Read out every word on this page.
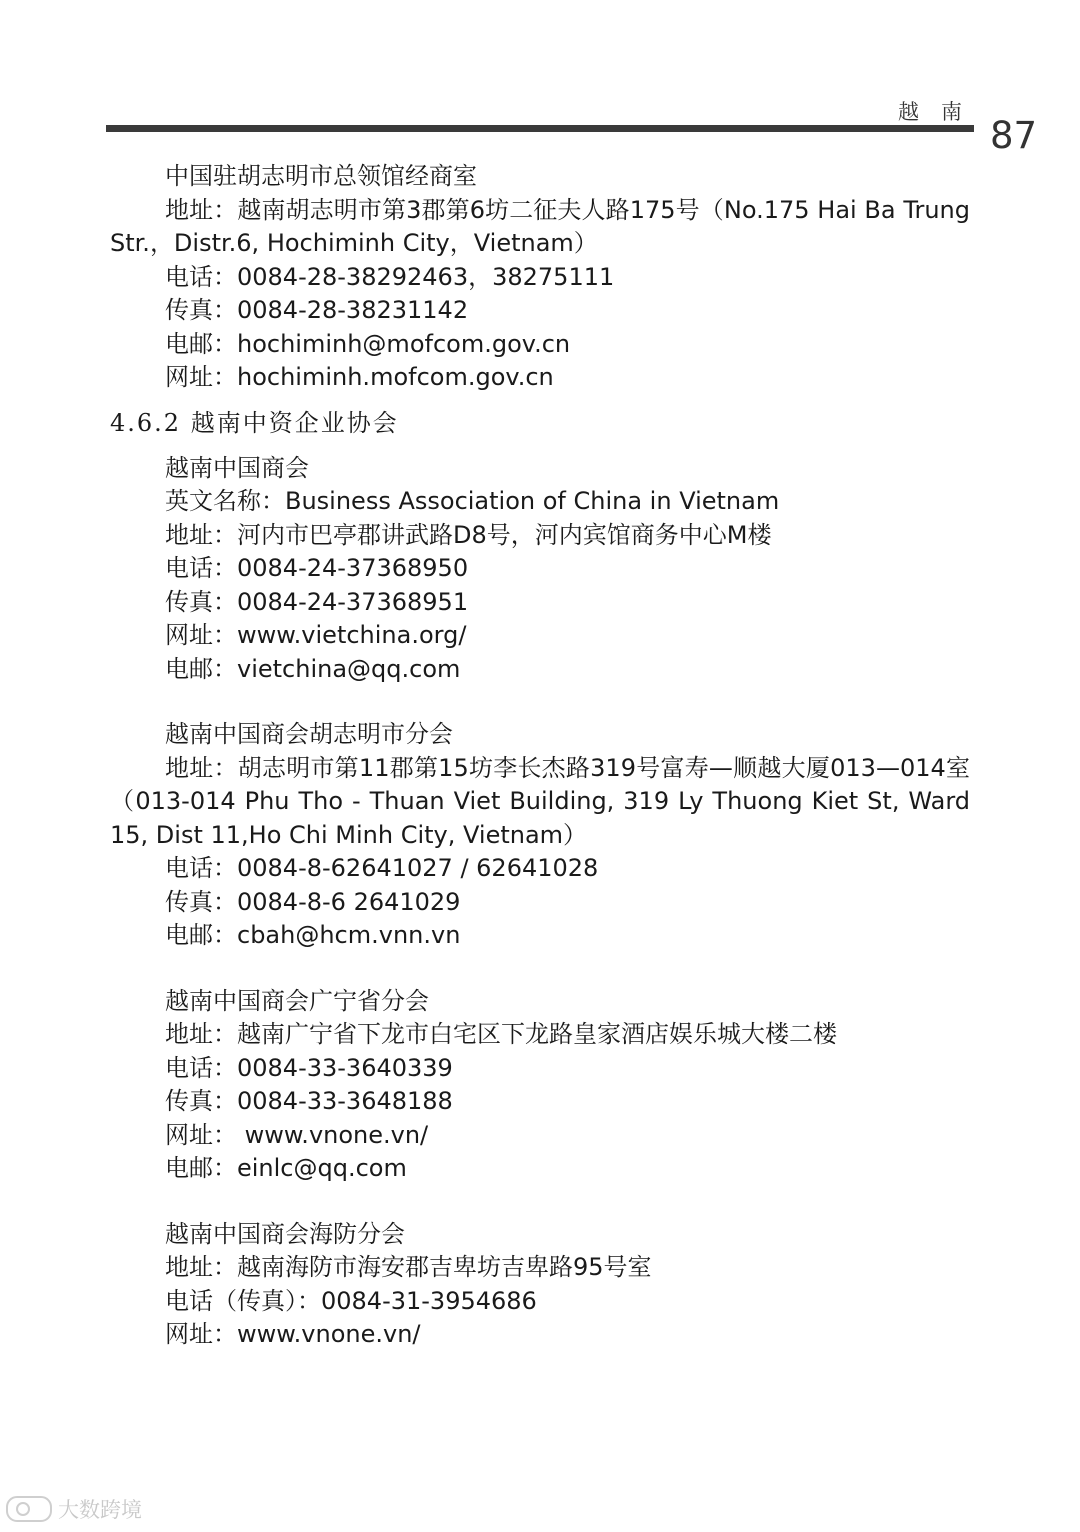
越南
87
中国驻胡志明市总领馆经商室
地址：越南胡志明市第3郡第6坊二征夫人路175号（No.175 Hai Ba Trung Str.，Distr.6, Hochiminh City，Vietnam）
电话：0084-28-38292463，38275111
传真：0084-28-38231142
电邮：hochiminh@mofcom.gov.cn
网址：hochiminh.mofcom.gov.cn
4.6.2 越南中资企业协会
越南中国商会
英文名称：Business Association of China in Vietnam
地址：河内市巴亭郡讲武路D8号，河内宾馆商务中心M楼
电话：0084-24-37368950
传真：0084-24-37368951
网址：www.vietchina.org/
电邮：vietchina@qq.com
越南中国商会胡志明市分会
地址：胡志明市第11郡第15坊李长杰路319号富寿—顺越大厦013—014室（013-014 Phu Tho - Thuan Viet Building, 319 Ly Thuong Kiet St, Ward 15, Dist 11,Ho Chi Minh City, Vietnam）
电话：0084-8-62641027 / 62641028
传真：0084-8-6 2641029
电邮：cbah@hcm.vnn.vn
越南中国商会广宁省分会
地址：越南广宁省下龙市白宅区下龙路皇家酒店娱乐城大楼二楼
电话：0084-33-3640339
传真：0084-33-3648188
网址： www.vnone.vn/
电邮：einlc@qq.com
越南中国商会海防分会
地址：越南海防市海安郡吉卑坊吉卑路95号室
电话（传真）：0084-31-3954686
网址：www.vnone.vn/
大数跨境
